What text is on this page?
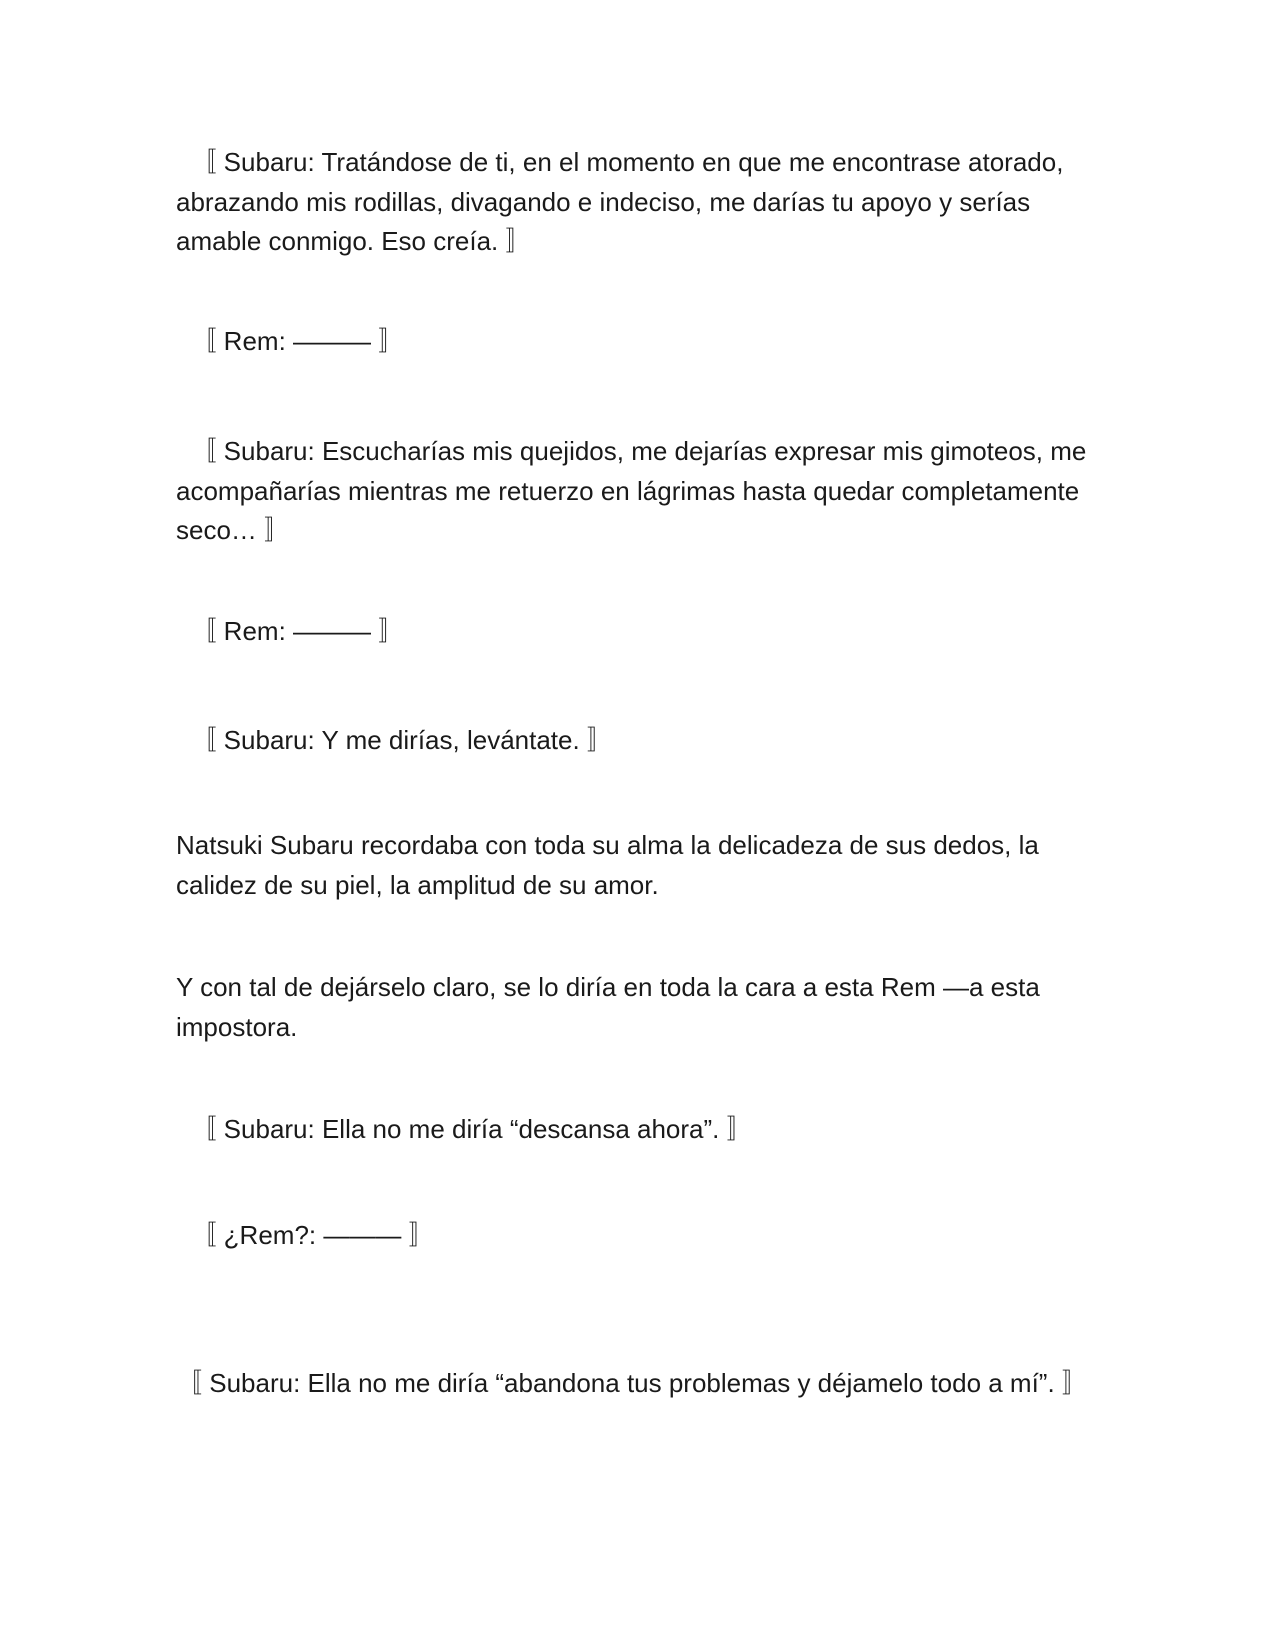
〚 Subaru: Tratándose de ti, en el momento en que me encontrase atorado, abrazando mis rodillas, divagando e indeciso, me darías tu apoyo y serías amable conmigo. Eso creía. 〛

〚 Rem: ——— 〛

〚 Subaru: Escucharías mis quejidos, me dejarías expresar mis gimoteos, me acompañarías mientras me retuerzo en lágrimas hasta quedar completamente seco… 〛

〚 Rem: ——— 〛

〚 Subaru: Y me dirías, levántate. 〛

Natsuki Subaru recordaba con toda su alma la delicadeza de sus dedos, la calidez de su piel, la amplitud de su amor.

Y con tal de dejárselo claro, se lo diría en toda la cara a esta Rem —a esta impostora.

〚 Subaru: Ella no me diría “descansa ahora”. 〛

〚 ¿Rem?: ——— 〛

〚 Subaru: Ella no me diría “abandona tus problemas y déjamelo todo a mí”. 〛
